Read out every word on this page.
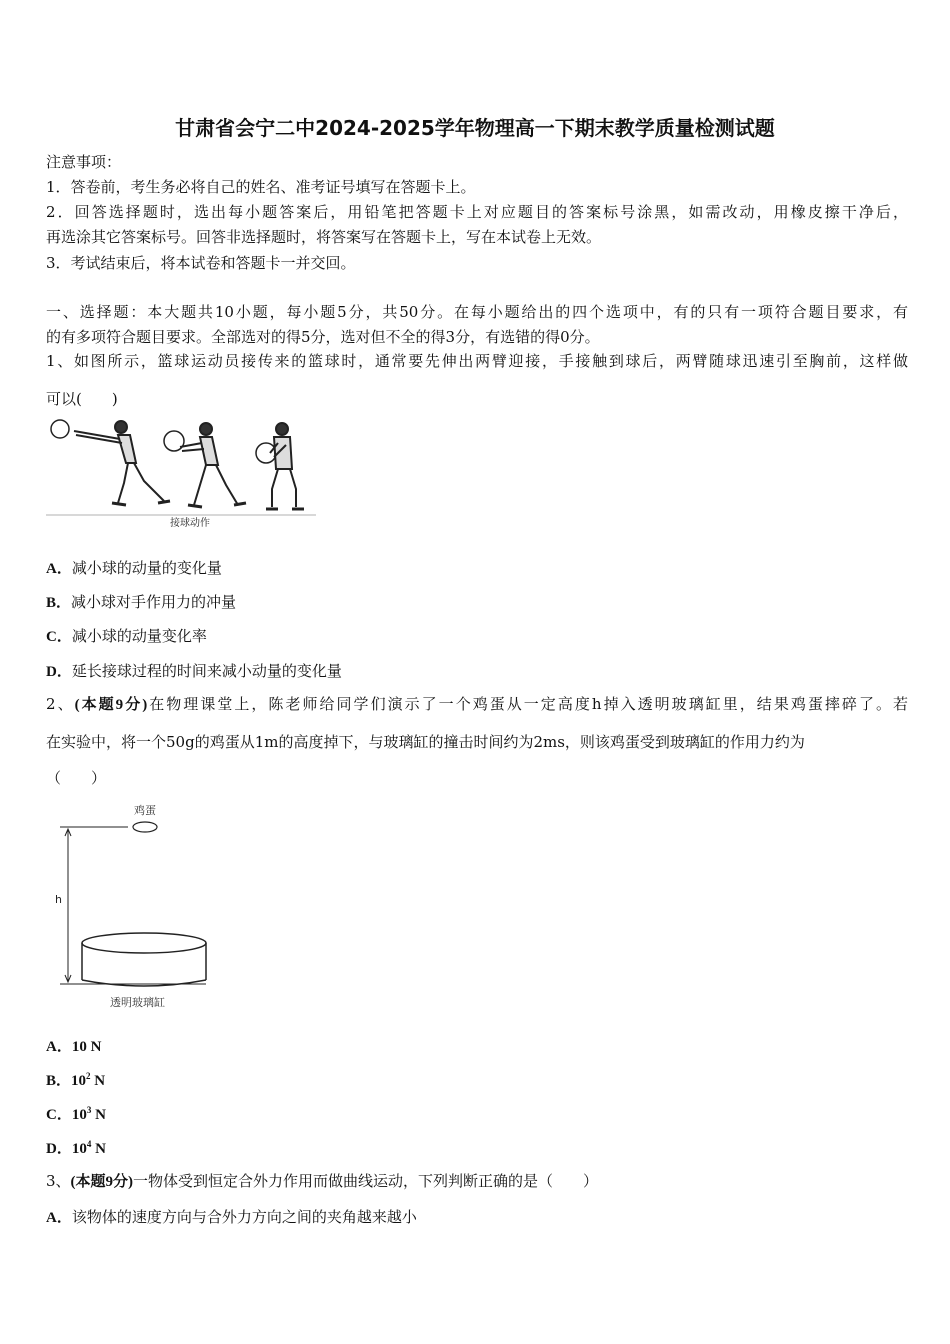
甘肃省会宁二中2024-2025学年物理高一下期末教学质量检测试题
注意事项：
1．答卷前，考生务必将自己的姓名、准考证号填写在答题卡上。
2．回答选择题时，选出每小题答案后，用铅笔把答题卡上对应题目的答案标号涂黑，如需改动，用橡皮擦干净后，
再选涂其它答案标号。回答非选择题时，将答案写在答题卡上，写在本试卷上无效。
3．考试结束后，将本试卷和答题卡一并交回。
一、选择题：本大题共10小题，每小题5分，共50分。在每小题给出的四个选项中，有的只有一项符合题目要求，有
的有多项符合题目要求。全部选对的得5分，选对但不全的得3分，有选错的得0分。
1、如图所示，篮球运动员接传来的篮球时，通常要先伸出两臂迎接，手接触到球后，两臂随球迅速引至胸前，这样做
可以(　　)
接球动作
A．减小球的动量的变化量
B．减小球对手作用力的冲量
C．减小球的动量变化率
D．延长接球过程的时间来减小动量的变化量
2、(本题9分)在物理课堂上，陈老师给同学们演示了一个鸡蛋从一定高度h掉入透明玻璃缸里，结果鸡蛋摔碎了。若
在实验中，将一个50g的鸡蛋从1m的高度掉下，与玻璃缸的撞击时间约为2ms，则该鸡蛋受到玻璃缸的作用力约为
（　　）
鸡蛋
h
透明玻璃缸
A．10 N
B．$10^2$ N
C．$10^3$ N
D．$10^4$ N
3、(本题9分)一物体受到恒定合外力作用而做曲线运动，下列判断正确的是（　　）
A．该物体的速度方向与合外力方向之间的夹角越来越小
